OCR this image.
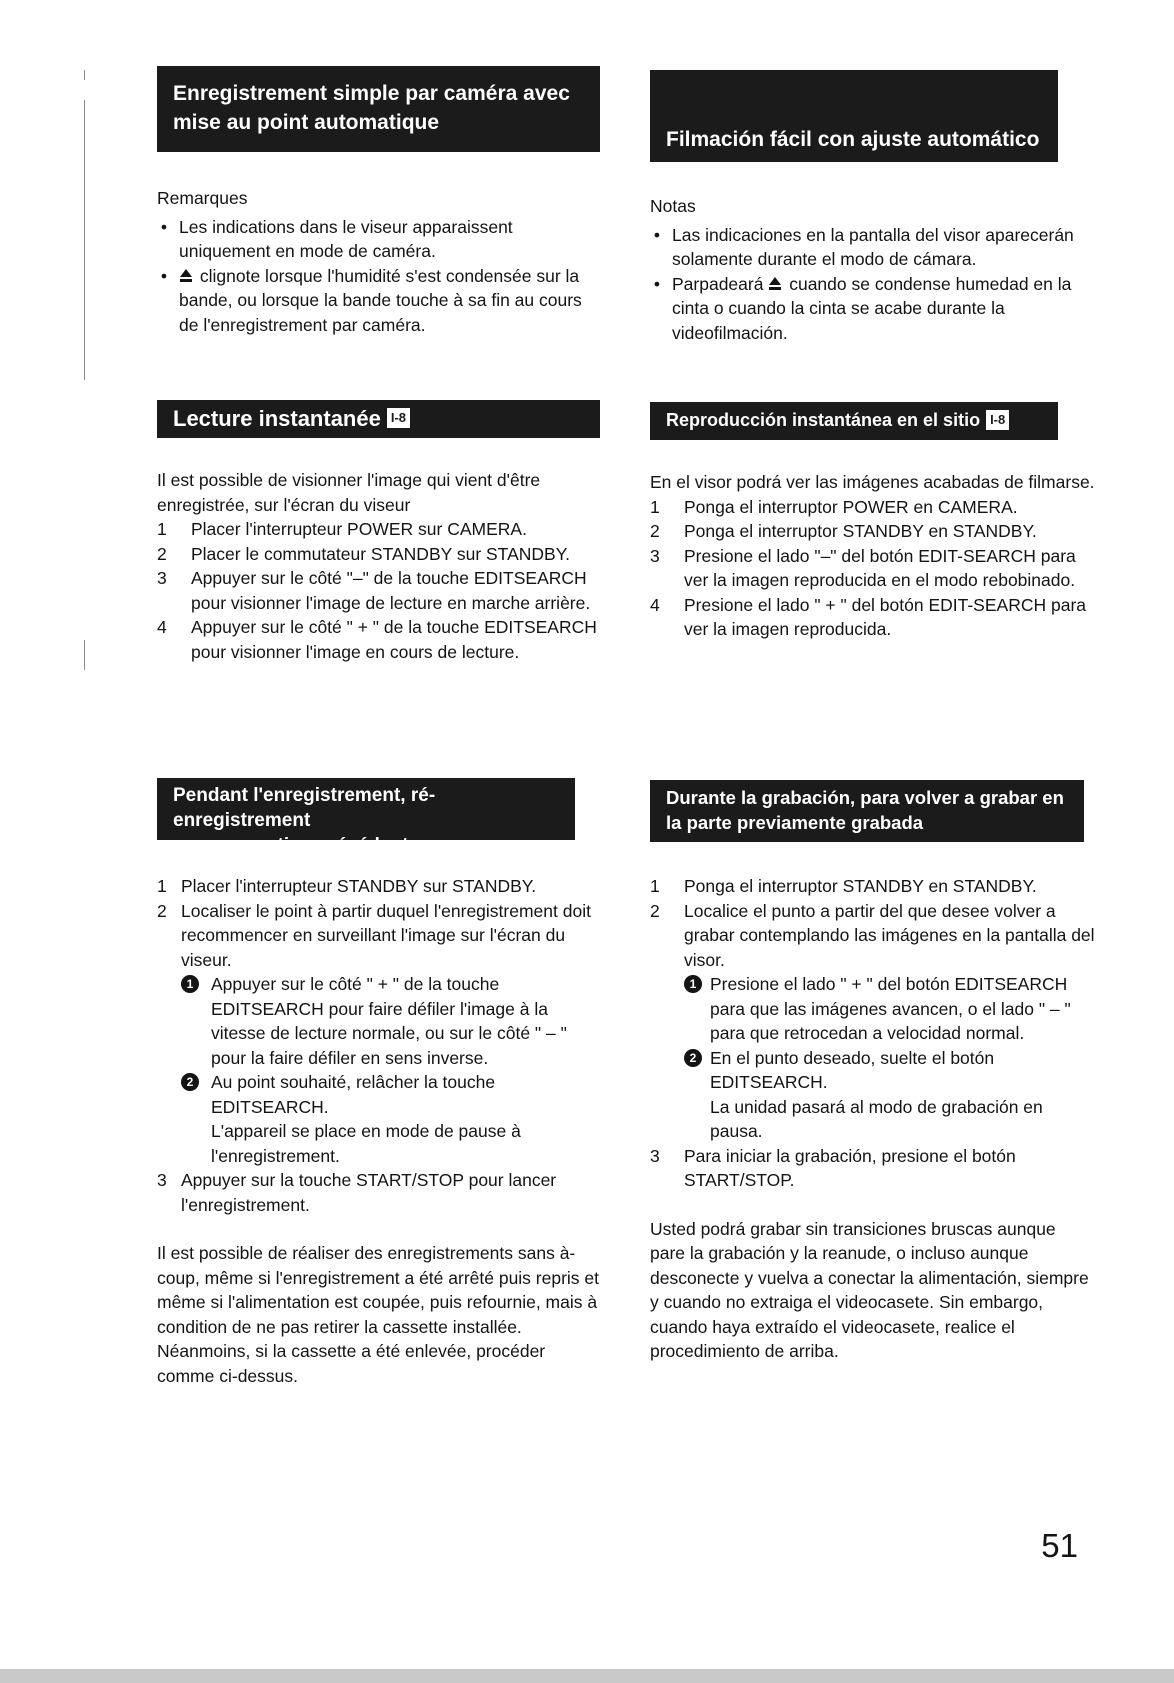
Enregistrement simple par caméra avec
mise au point automatique

Remarques

• Les indications dans le viseur apparaissent uniquement en mode de caméra.
• clignote lorsque l'humidité s'est condensée sur la bande, ou lorsque la bande touche à sa fin au cours de l'enregistrement par caméra.
Lecture instantanée I-8

Il est possible de visionner l'image qui vient d'être enregistrée, sur l'écran du viseur

1	Placer l'interrupteur POWER sur CAMERA.
2	Placer le commutateur STANDBY sur STANDBY.
3	Appuyer sur le côté "–" de la touche EDITSEARCH pour visionner l'image de lecture en marche arrière.
4	Appuyer sur le côté " + " de la touche EDITSEARCH pour visionner l'image en cours de lecture.
Pendant l'enregistrement, ré-enregistrement
sur une portion précédente
1 Placer l'interrupteur STANDBY sur STANDBY.
2 Localiser le point à partir duquel l'enregistrement doit recommencer en surveillant l'image sur l'écran du viseur.

1	Appuyer sur le côté " + " de la touche EDITSEARCH pour faire défiler l'image à la vitesse de lecture normale, ou sur le côté " – " pour la faire défiler en sens inverse.

2	Au point souhaité, relâcher la touche EDITSEARCH.

L'appareil se place en mode de pause à l'enregistrement.

3 Appuyer sur la touche START/STOP pour lancer l'enregistrement.

Il est possible de réaliser des enregistrements sans à-coup, même si l'enregistrement a été arrêté puis repris et même si l'alimentation est coupée, puis refournie, mais à condition de ne pas retirer la cassette installée. Néanmoins, si la cassette a été enlevée, procéder comme ci-dessus.

Filmación fácil con ajuste automático

Notas

• Las indicaciones en la pantalla del visor aparecerán solamente durante el modo de cámara.
• Parpadeará cuando se condense humedad en la cinta o cuando la cinta se acabe durante la videofilmación.
Reproducción instantánea en el sitio I-8

En el visor podrá ver las imágenes acabadas de filmarse.

1	Ponga el interruptor POWER en CAMERA.
2	Ponga el interruptor STANDBY en STANDBY.
3	Presione el lado "–" del botón EDIT-SEARCH para ver la imagen reproducida en el modo rebobinado.
4	Presione el lado " + " del botón EDIT-SEARCH para ver la imagen reproducida.
Durante la grabación, para volver a grabar en
la parte previamente grabada
1	Ponga el interruptor STANDBY en STANDBY.
2	Localice el punto a partir del que desee volver a grabar contemplando las imágenes en la pantalla del visor.

1 Presione el lado " + " del botón EDITSEARCH para que las imágenes avancen, o el lado " – " para que retrocedan a velocidad normal.

2 En el punto deseado, suelte el botón EDITSEARCH.

La unidad pasará al modo de grabación en pausa.

3	Para iniciar la grabación, presione el botón START/STOP.

Usted podrá grabar sin transiciones bruscas aunque pare la grabación y la reanude, o incluso aunque desconecte y vuelva a conectar la alimentación, siempre y cuando no extraiga el videocasete. Sin embargo, cuando haya extraído el videocasete, realice el procedimiento de arriba.

51
